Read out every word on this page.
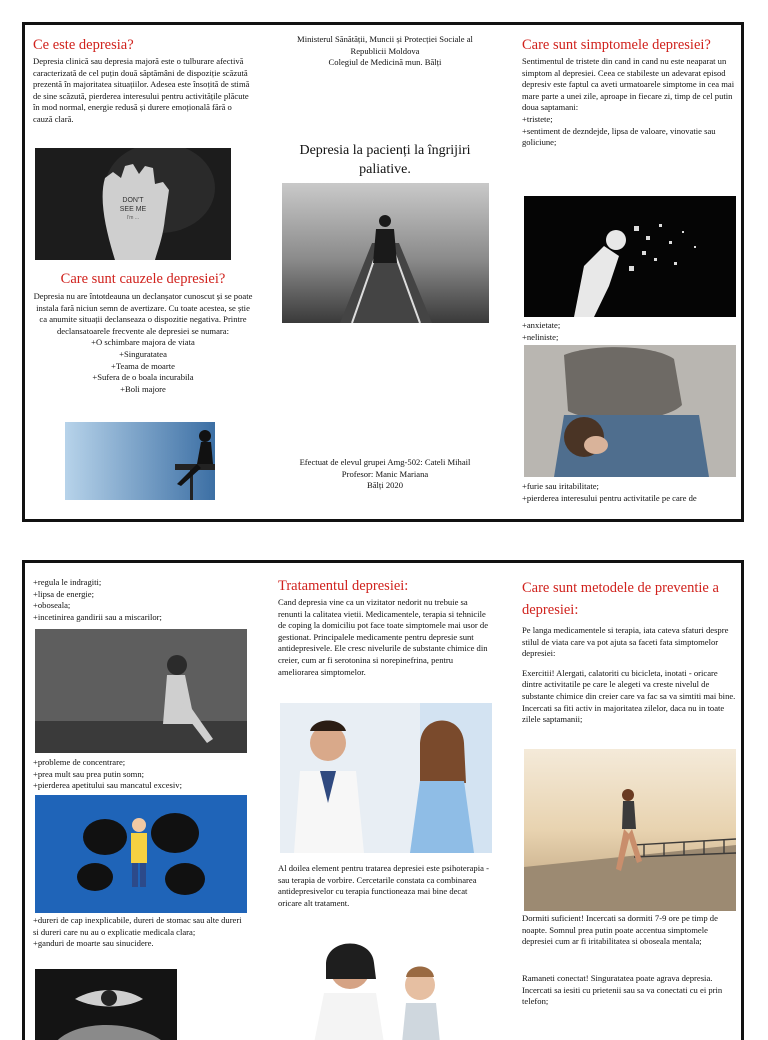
Ce este depresia?

Depresia clinică sau depresia majoră este o tulburare afectivă caracterizată de cel puțin două săptămâni de dispoziție scăzută prezentă în majoritatea situațiilor. Adesea este însoțită de stimă de sine scăzută, pierderea interesului pentru activitățile plăcute în mod normal, energie redusă și durere emoțională fără o cauză clară.

DON'T
SEE ME
I'm ...
Care sunt cauzele depresiei?

Depresia nu are întotdeauna un declanșator cunoscut și se poate instala fară niciun semn de avertizare. Cu toate acestea, se știe ca anumite situații declanseaza o dispozitie negativa. Printre declansatoarele frecvente ale depresiei se numara:

+O schimbare majora de viata

+Singuratatea

+Teama de moarte

+Sufera de o boala incurabila

+Boli majore

Ministerul Sănătății, Muncii și Protecției Sociale al

Republicii Moldova

Colegiul de Medicină mun. Bălți

Depresia la pacienți la îngrijiri paliative.

Efectuat de elevul grupei Amg-502: Cateli Mihail

Profesor: Manic Mariana

Bălți 2020

Care sunt simptomele depresiei?

Sentimentul de tristete din cand in cand nu este neaparat un simptom al depresiei. Ceea ce stabileste un adevarat episod depresiv este faptul ca aveti urmatoarele simptome in cea mai mare parte a unei zile, aproape in fiecare zi, timp de cel putin doua saptamani:

+tristete;

+sentiment de dezndejde, lipsa de valoare, vinovatie sau goliciune;

+anxietate;

+neliniste;

+furie sau iritabilitate;

+pierderea interesului pentru activitatile pe care de

+regula le indragiti;

+lipsa de energie;

+oboseala;

+incetinirea gandirii sau a miscarilor;

+probleme de concentrare;

+prea mult sau prea putin somn;

+pierderea apetitului sau mancatul excesiv;

+dureri de cap inexplicabile, dureri de stomac sau alte dureri si dureri care nu au o explicatie medicala clara;

+ganduri de moarte sau sinucidere.

Tratamentul depresiei:

Cand depresia vine ca un vizitator nedorit nu trebuie sa renunti la calitatea vietii. Medicamentele, terapia si tehnicile de coping la domiciliu pot face toate simptomele mai usor de gestionat. Principalele medicamente pentru depresie sunt antidepresivele. Ele cresc nivelurile de substante chimice din creier, cum ar fi serotonina si norepinefrina, pentru ameliorarea simptomelor.

Al doilea element pentru tratarea depresiei este psihoterapia - sau terapia de vorbire. Cercetarile constata ca combinarea antidepresivelor cu terapia functioneaza mai bine decat oricare alt tratament.

Care sunt metodele de preventie a depresiei:

Pe langa medicamentele si terapia, iata cateva sfaturi despre stilul de viata care va pot ajuta sa faceti fata simptomelor depresiei:

Exercitii! Alergati, calatoriti cu bicicleta, inotati - oricare dintre activitatile pe care le alegeti va creste nivelul de substante chimice din creier care va fac sa va simtiti mai bine. Incercati sa fiti activ in majoritatea zilelor, daca nu in toate zilele saptamanii;

Dormiti suficient! Incercati sa dormiti 7-9 ore pe timp de noapte. Somnul prea putin poate accentua simptomele depresiei cum ar fi iritabilitatea si oboseala mentala;

Ramaneti conectat! Singuratatea poate agrava depresia. Incercati sa iesiti cu prietenii sau sa va conectati cu ei prin telefon;
